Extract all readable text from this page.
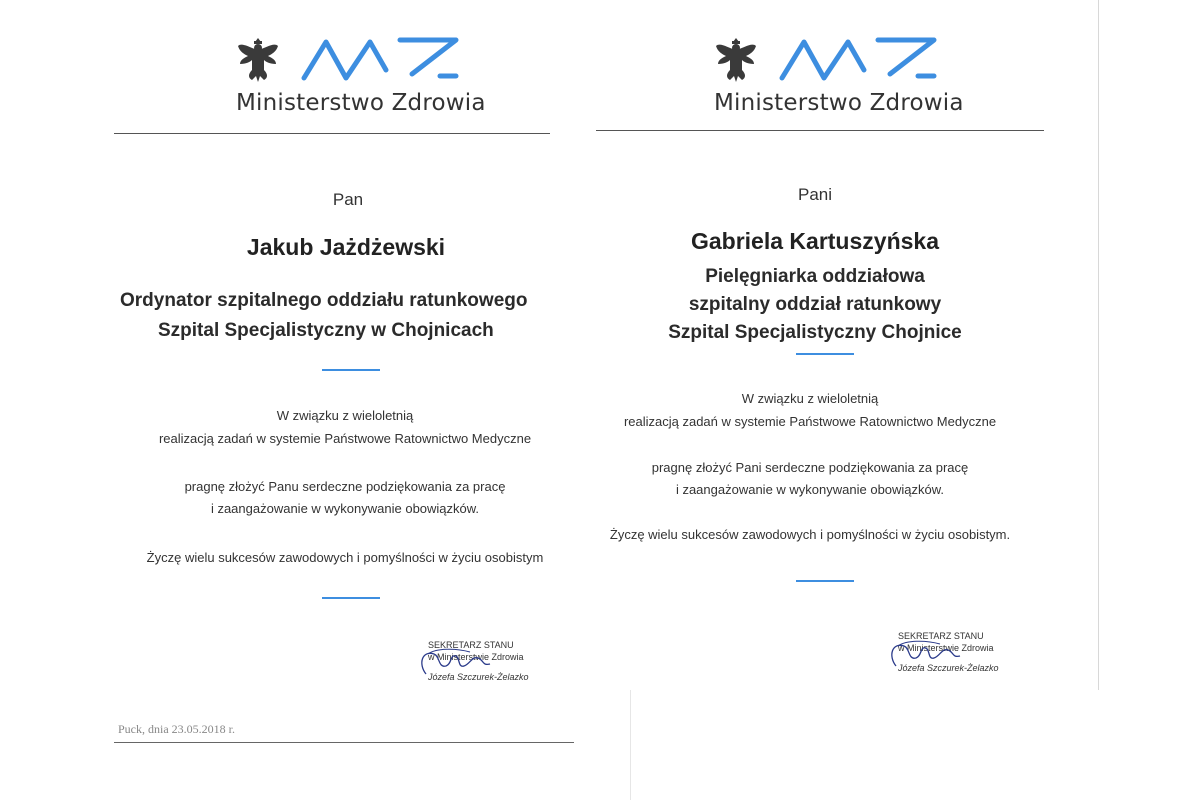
Ministerstwo Zdrowia
Pan
Jakub Jażdżewski
Ordynator szpitalnego oddziału ratunkowego
Szpital Specjalistyczny w Chojnicach
W związku z wieloletnią
realizacją zadań w systemie Państwowe Ratownictwo Medyczne
pragnę złożyć Panu serdeczne podziękowania za pracę
i zaangażowanie w wykonywanie obowiązków.
Życzę wielu sukcesów zawodowych i pomyślności w życiu osobistym
SEKRETARZ STANU
w Ministerstwie Zdrowia
Józefa Szczurek-Żelazko
Puck, dnia 23.05.2018 r.
Ministerstwo Zdrowia
Pani
Gabriela Kartuszyńska
Pielęgniarka oddziałowa
szpitalny oddział ratunkowy
Szpital Specjalistyczny Chojnice
W związku z wieloletnią
realizacją zadań w systemie Państwowe Ratownictwo Medyczne
pragnę złożyć Pani serdeczne podziękowania za pracę
i zaangażowanie w wykonywanie obowiązków.
Życzę wielu sukcesów zawodowych i pomyślności w życiu osobistym.
SEKRETARZ STANU
w Ministerstwie Zdrowia
Józefa Szczurek-Żelazko
